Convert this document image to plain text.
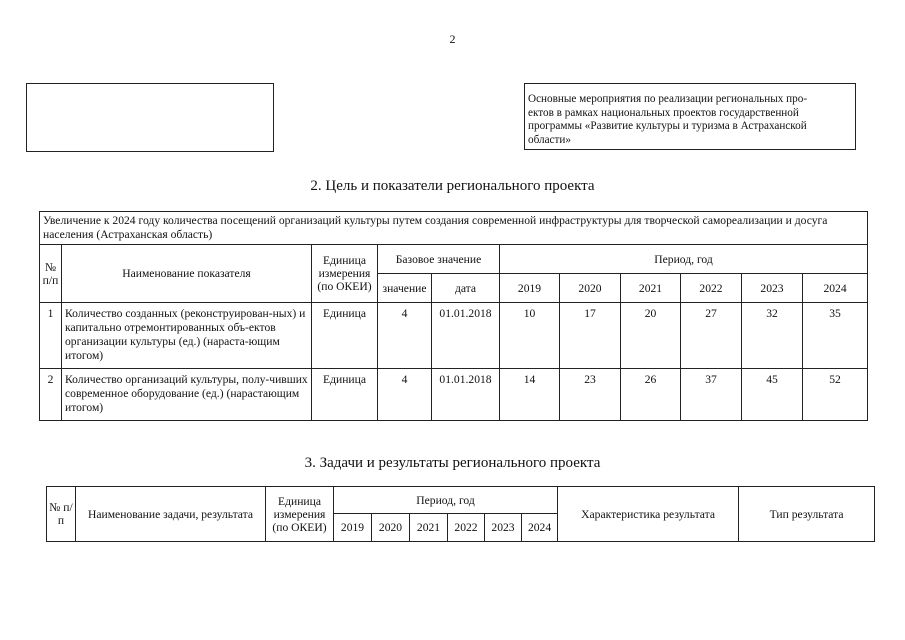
2
Основные мероприятия по реализации региональных про-
ектов в рамках национальных проектов государственной
программы «Развитие культуры и туризма в Астраханской
области»
2. Цель и показатели регионального проекта
Увеличение к 2024 году количества посещений организаций культуры путем создания современной инфраструктуры для творческой самореализации и досуга населения (Астраханская область)										
№ п/п	Наименование показателя	Единица измерения (по ОКЕИ)	Базовое значение		Период, год					
			значение	дата	2019	2020	2021	2022	2023	2024
1	Количество созданных (реконструирован-ных) и капитально отремонтированных объ-ектов организации культуры (ед.) (нараста-ющим итогом)	Единица	4	01.01.2018	10	17	20	27	32	35
2	Количество организаций культуры, полу-чивших современное оборудование (ед.) (нарастающим итогом)	Единица	4	01.01.2018	14	23	26	37	45	52
3. Задачи и результаты регионального проекта
№ п/п	Наименование задачи, результата	Единица измерения (по ОКЕИ)	Период, год						Характеристика результата	Тип результата
			2019	2020	2021	2022	2023	2024		
